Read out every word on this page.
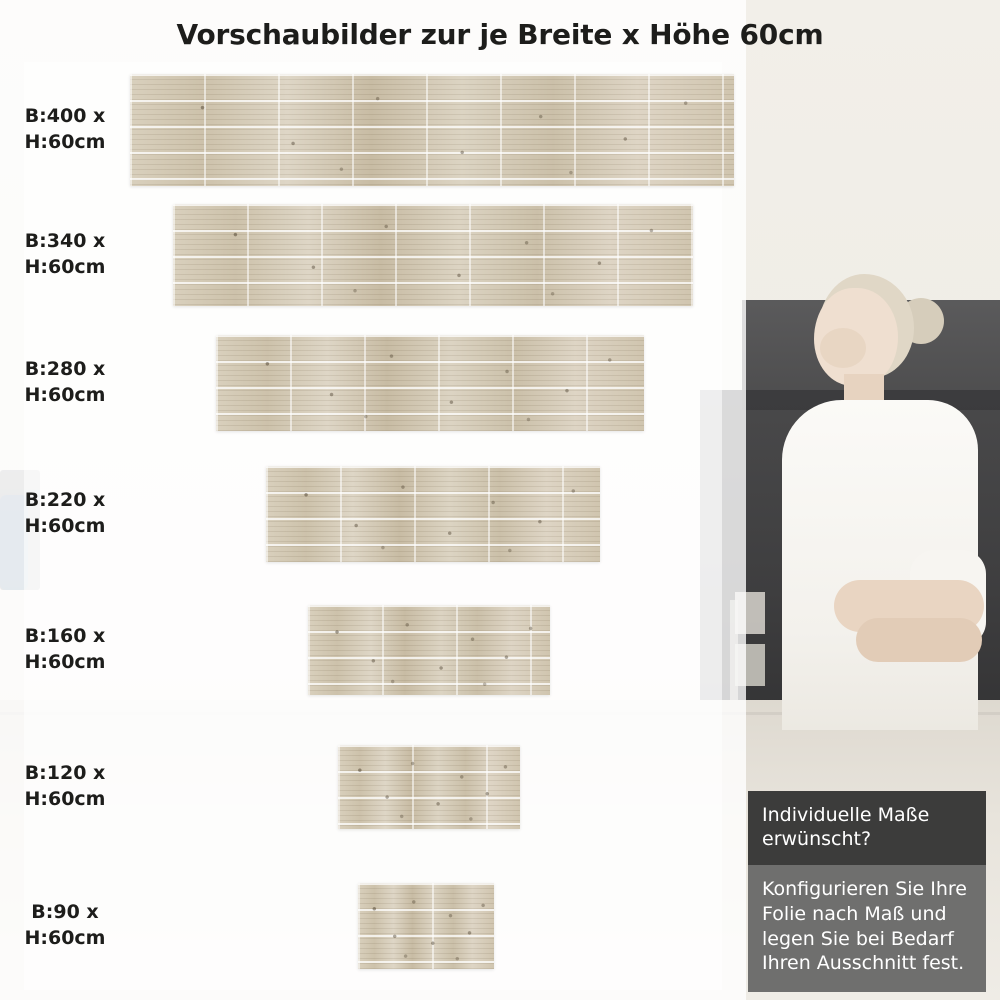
Vorschaubilder zur je Breite x Höhe 60cm
B:400 x
H:60cm
B:340 x
H:60cm
B:280 x
H:60cm
B:220 x
H:60cm
B:160 x
H:60cm
B:120 x
H:60cm
B:90 x
H:60cm
Individuelle Maße erwünscht?
Konfigurieren Sie Ihre Folie nach Maß und legen Sie bei Bedarf Ihren Ausschnitt fest.
